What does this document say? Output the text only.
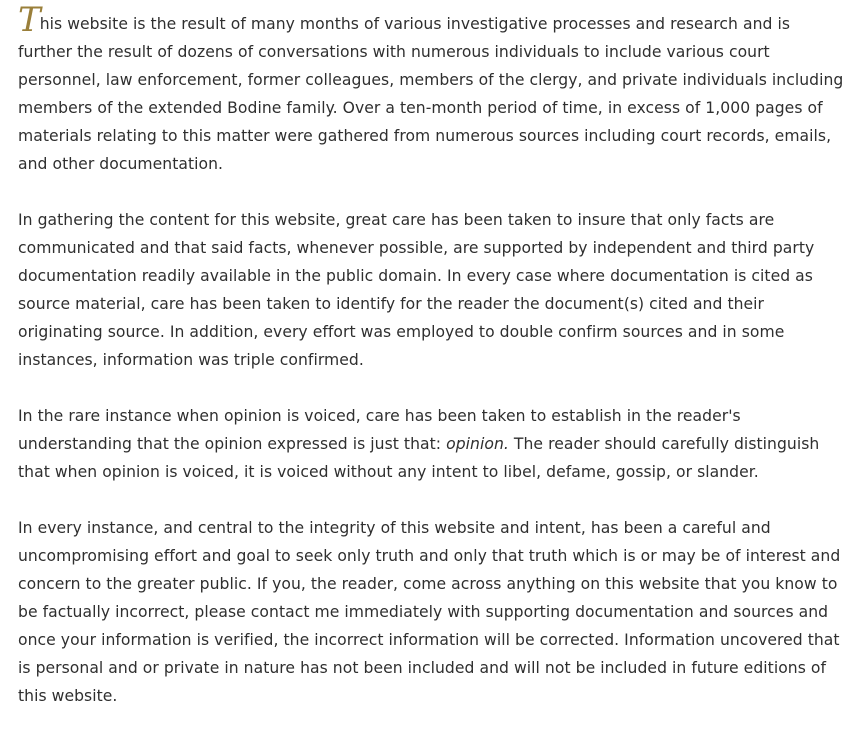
This website is the result of many months of various investigative processes and research and is further the result of dozens of conversations with numerous individuals to include various court personnel, law enforcement, former colleagues, members of the clergy, and private individuals including members of the extended Bodine family. Over a ten-month period of time, in excess of 1,000 pages of materials relating to this matter were gathered from numerous sources including court records, emails, and other documentation.

In gathering the content for this website, great care has been taken to insure that only facts are communicated and that said facts, whenever possible, are supported by independent and third party documentation readily available in the public domain. In every case where documentation is cited as source material, care has been taken to identify for the reader the document(s) cited and their originating source. In addition, every effort was employed to double confirm sources and in some instances, information was triple confirmed.

In the rare instance when opinion is voiced, care has been taken to establish in the reader's understanding that the opinion expressed is just that: opinion. The reader should carefully distinguish that when opinion is voiced, it is voiced without any intent to libel, defame, gossip, or slander.

In every instance, and central to the integrity of this website and intent, has been a careful and uncompromising effort and goal to seek only truth and only that truth which is or may be of interest and concern to the greater public. If you, the reader, come across anything on this website that you know to be factually incorrect, please contact me immediately with supporting documentation and sources and once your information is verified, the incorrect information will be corrected. Information uncovered that is personal and or private in nature has not been included and will not be included in future editions of this website.
